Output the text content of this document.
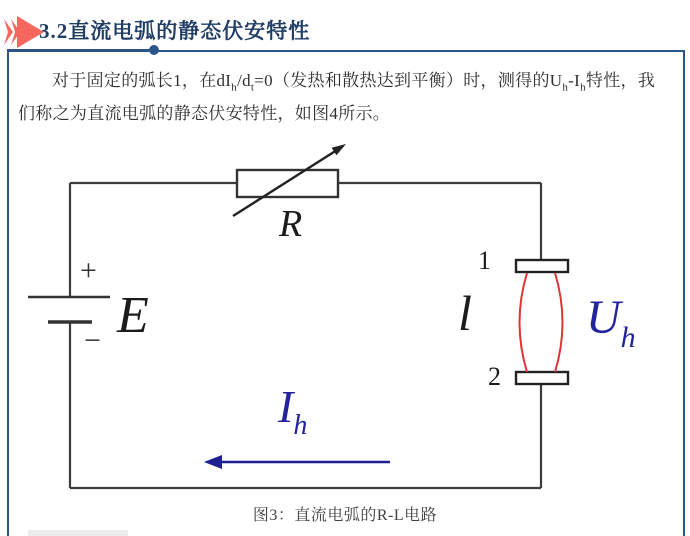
3.2直流电弧的静态伏安特性
对于固定的弧长1，在$dI_h/d_t=0$（发热和散热达到平衡）时，测得的$U_h-I_h$特性，我们称之为直流电弧的静态伏安特性，如图4所示。
R
E
+
−
1
2
l $U_h$
$I_h$
图3：直流电弧的R-L电路
